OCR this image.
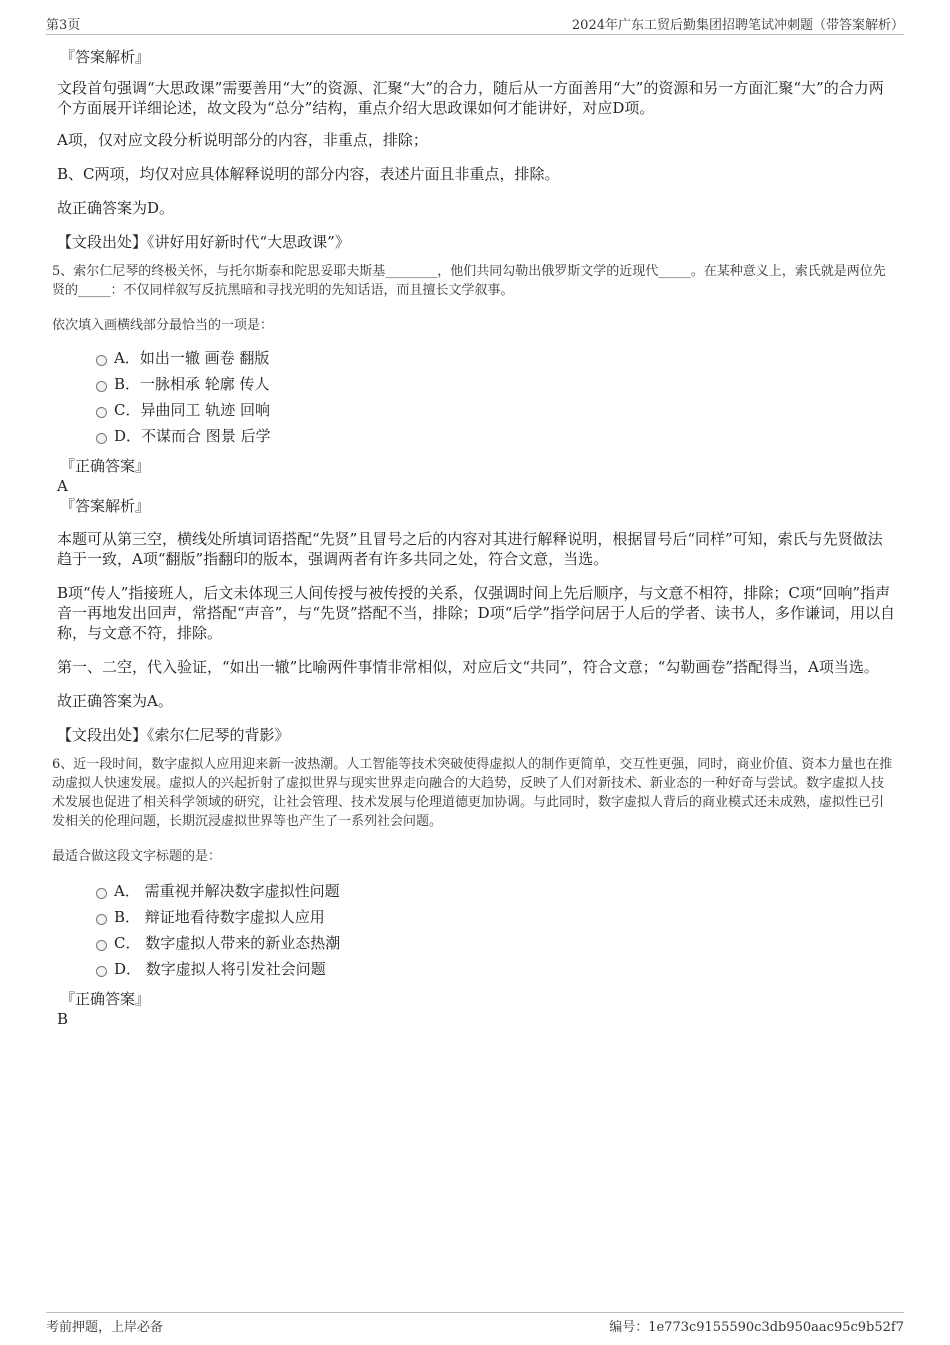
第3页	2024年广东工贸后勤集团招聘笔试冲刺题（带答案解析）

『答案解析』

文段首句强调“大思政课”需要善用“大”的资源、汇聚“大”的合力，随后从一方面善用“大”的资源和另一方面汇聚“大”的合力两个方面展开详细论述，故文段为“总分”结构，重点介绍大思政课如何才能讲好，对应D项。

A项，仅对应文段分析说明部分的内容，非重点，排除；

B、C两项，均仅对应具体解释说明的部分内容，表述片面且非重点，排除。

故正确答案为D。

【文段出处】《讲好用好新时代“大思政课”》

5、索尔仁尼琴的终极关怀，与托尔斯泰和陀思妥耶夫斯基________，他们共同勾勒出俄罗斯文学的近现代_____。在某种意义上，索氏就是两位先贤的_____：不仅同样叙写反抗黑暗和寻找光明的先知话语，而且擅长文学叙事。

依次填入画横线部分最恰当的一项是：

A．如出一辙 画卷 翻版
B．一脉相承 轮廓 传人
C．异曲同工 轨迹 回响
D．不谋而合 图景 后学

『正确答案』

A

『答案解析』

本题可从第三空，横线处所填词语搭配“先贤”且冒号之后的内容对其进行解释说明，根据冒号后“同样”可知，索氏与先贤做法趋于一致，A项“翻版”指翻印的版本，强调两者有许多共同之处，符合文意，当选。

B项“传人”指接班人，后文未体现三人间传授与被传授的关系，仅强调时间上先后顺序，与文意不相符，排除；C项“回响”指声音一再地发出回声，常搭配“声音”，与“先贤”搭配不当，排除；D项“后学”指学问居于人后的学者、读书人，多作谦词，用以自称，与文意不符，排除。

第一、二空，代入验证，“如出一辙”比喻两件事情非常相似，对应后文“共同”，符合文意；“勾勒画卷”搭配得当，A项当选。

故正确答案为A。

【文段出处】《索尔仁尼琴的背影》

6、近一段时间，数字虚拟人应用迎来新一波热潮。人工智能等技术突破使得虚拟人的制作更简单，交互性更强，同时，商业价值、资本力量也在推动虚拟人快速发展。虚拟人的兴起折射了虚拟世界与现实世界走向融合的大趋势，反映了人们对新技术、新业态的一种好奇与尝试。数字虚拟人技术发展也促进了相关科学领域的研究，让社会管理、技术发展与伦理道德更加协调。与此同时，数字虚拟人背后的商业模式还未成熟，虚拟性已引发相关的伦理问题，长期沉浸虚拟世界等也产生了一系列社会问题。

最适合做这段文字标题的是：

A． 需重视并解决数字虚拟性问题
B． 辩证地看待数字虚拟人应用
C． 数字虚拟人带来的新业态热潮
D． 数字虚拟人将引发社会问题

『正确答案』

B

考前押题，上岸必备	编号：1e773c9155590c3db950aac95c9b52f7
